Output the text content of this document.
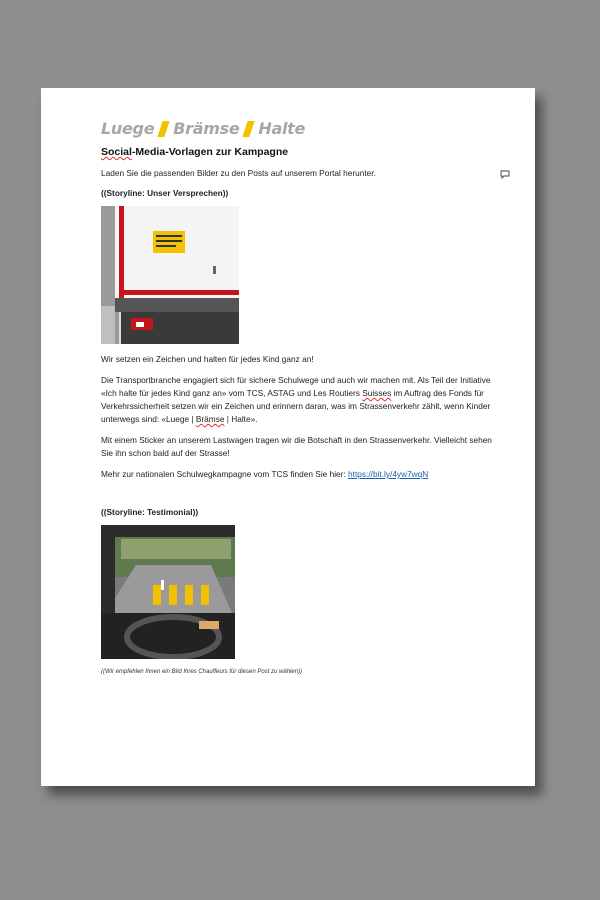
Luege Brämse Halte
Social-Media-Vorlagen zur Kampagne

Laden Sie die passenden Bilder zu den Posts auf unserem Portal herunter.

((Storyline: Unser Versprechen))

Wir setzen ein Zeichen und halten für jedes Kind ganz an!

Die Transportbranche engagiert sich für sichere Schulwege und auch wir machen mit. Als Teil der Initiative «Ich halte für jedes Kind ganz an» vom TCS, ASTAG und Les Routiers Suisses im Auftrag des Fonds für Verkehrssicherheit setzen wir ein Zeichen und erinnern daran, was im Strassenverkehr zählt, wenn Kinder unterwegs sind: «Luege | Brämse | Halte».

Mit einem Sticker an unserem Lastwagen tragen wir die Botschaft in den Strassenverkehr. Vielleicht sehen Sie ihn schon bald auf der Strasse!

Mehr zur nationalen Schulwegkampagne vom TCS finden Sie hier: https://bit.ly/4yw7wqN

((Storyline: Testimonial))
((Wir empfehlen Ihnen ein Bild Ihres Chauffeurs für diesen Post zu wählen))
